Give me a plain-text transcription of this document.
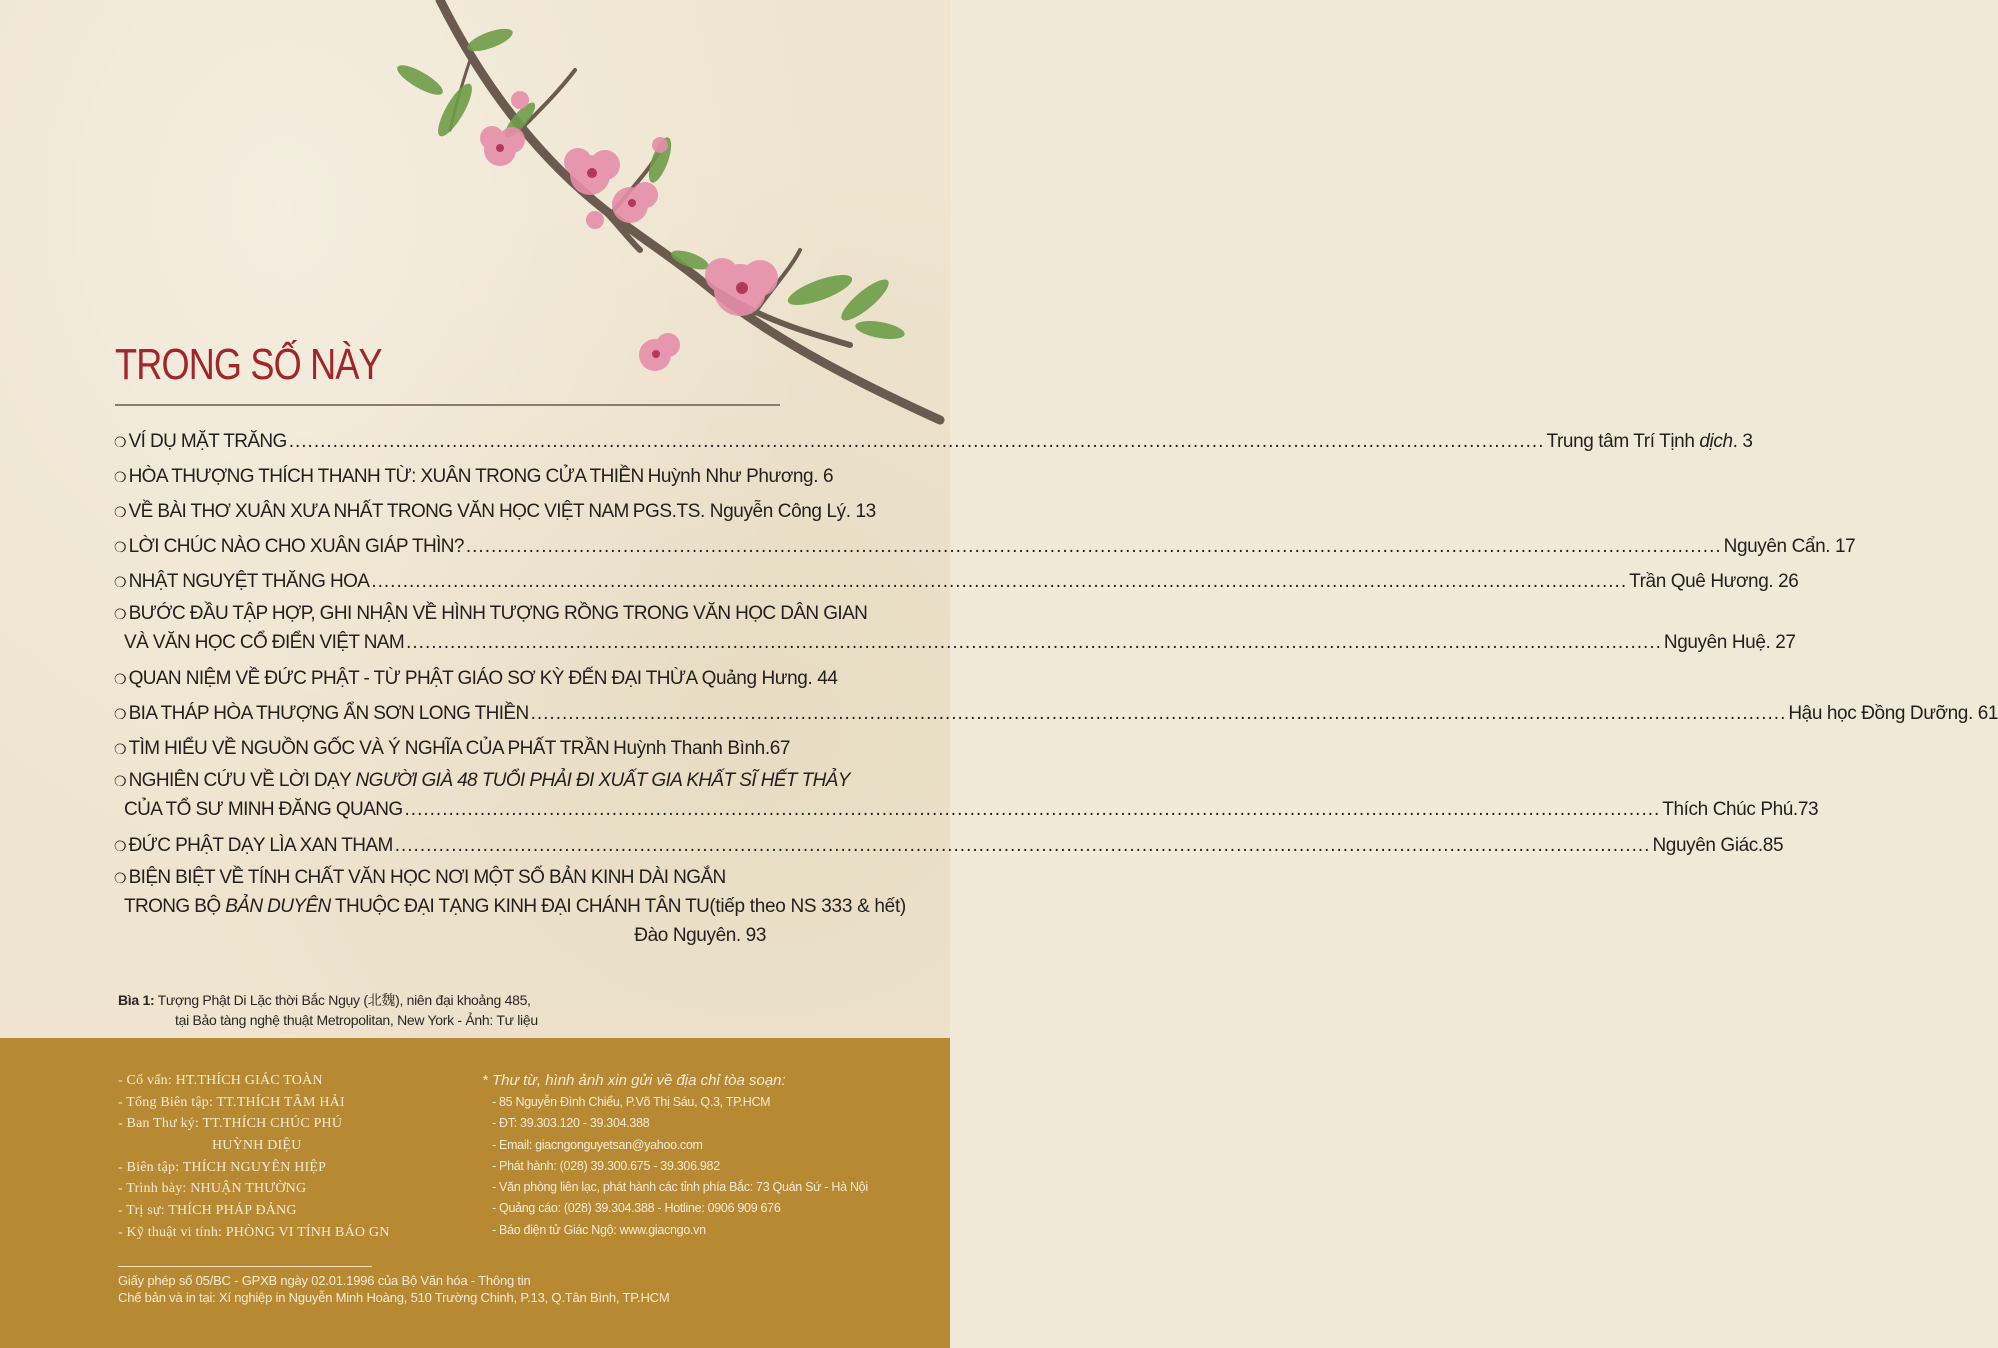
TRONG SỐ NÀY
❍ VÍ DỤ MẶT TRĂNG .....	Trung tâm Trí Tịnh dịch. 3
❍ HÒA THƯỢNG THÍCH THANH TỪ: XUÂN TRONG CỬA THIỀN Huỳnh Như Phương. 6
❍ VỀ BÀI THƠ XUÂN XƯA NHẤT TRONG VĂN HỌC VIỆT NAM PGS.TS. Nguyễn Công Lý. 13
❍ LỜI CHÚC NÀO CHO XUÂN GIÁP THÌN? .....	Nguyên Cẩn. 17
❍ NHẬT NGUYỆT THĂNG HOA .....	Trần Quê Hương. 26
❍ BƯỚC ĐẦU TẬP HỢP, GHI NHẬN VỀ HÌNH TƯỢNG RỒNG TRONG VĂN HỌC DÂN GIAN
VÀ VĂN HỌC CỔ ĐIỂN VIỆT NAM .....	Nguyên Huệ. 27
❍ QUAN NIỆM VỀ ĐỨC PHẬT - TỪ PHẬT GIÁO SƠ KỲ ĐẾN ĐẠI THỪA Quảng Hưng. 44
❍ BIA THÁP HÒA THƯỢNG ẨN SƠN LONG THIỀN .....	Hậu học Đồng Dưỡng. 61
❍ TÌM HIỂU VỀ NGUỒN GỐC VÀ Ý NGHĨA CỦA PHẤT TRẦN Huỳnh Thanh Bình.67
❍ NGHIÊN CỨU VỀ LỜI DẠY NGƯỜI GIÀ 48 TUỔI PHẢI ĐI XUẤT GIA KHẤT SĨ HẾT THẢY
CỦA TỔ SƯ MINH ĐĂNG QUANG .....	Thích Chúc Phú.73
❍ ĐỨC PHẬT DẠY LÌA XAN THAM .....	Nguyên Giác.85
❍ BIỆN BIỆT VỀ TÍNH CHẤT VĂN HỌC NƠI MỘT SỐ BẢN KINH DÀI NGẮN
TRONG BỘ BẢN DUYÊN THUỘC ĐẠI TẠNG KINH ĐẠI CHÁNH TÂN TU (tiếp theo NS 333 & hết)
Đào Nguyên. 93
Bìa 1: Tượng Phật Di Lặc thời Bắc Ngụy (北魏), niên đại khoảng 485,
tại Bảo tàng nghệ thuật Metropolitan, New York - Ảnh: Tư liệu
- Cố vấn: HT.THÍCH GIÁC TOÀN
- Tổng Biên tập: TT.THÍCH TÂM HẢI
- Ban Thư ký: TT.THÍCH CHÚC PHÚ
HUỲNH DIỆU
- Biên tập: THÍCH NGUYÊN HIỆP
- Trình bày: NHUẬN THƯỜNG
- Trị sự: THÍCH PHÁP ĐẢNG
- Kỹ thuật vi tính: PHÒNG VI TÍNH BÁO GN
* Thư từ, hình ảnh xin gửi về địa chỉ tòa soạn:
- 85 Nguyễn Đình Chiểu, P.Võ Thị Sáu, Q.3, TP.HCM
- ĐT: 39.303.120 - 39.304.388
- Email: giacngonguyetsan@yahoo.com
- Phát hành: (028) 39.300.675 - 39.306.982
- Văn phòng liên lạc, phát hành các tỉnh phía Bắc: 73 Quán Sứ - Hà Nội
- Quảng cáo: (028) 39.304.388 - Hotline: 0906 909 676
- Báo điện tử Giác Ngộ: www.giacngo.vn
Giấy phép số 05/BC - GPXB ngày 02.01.1996 của Bộ Văn hóa - Thông tin
Chế bản và in tại: Xí nghiệp in Nguyễn Minh Hoàng, 510 Trường Chinh, P.13, Q.Tân Bình, TP.HCM
